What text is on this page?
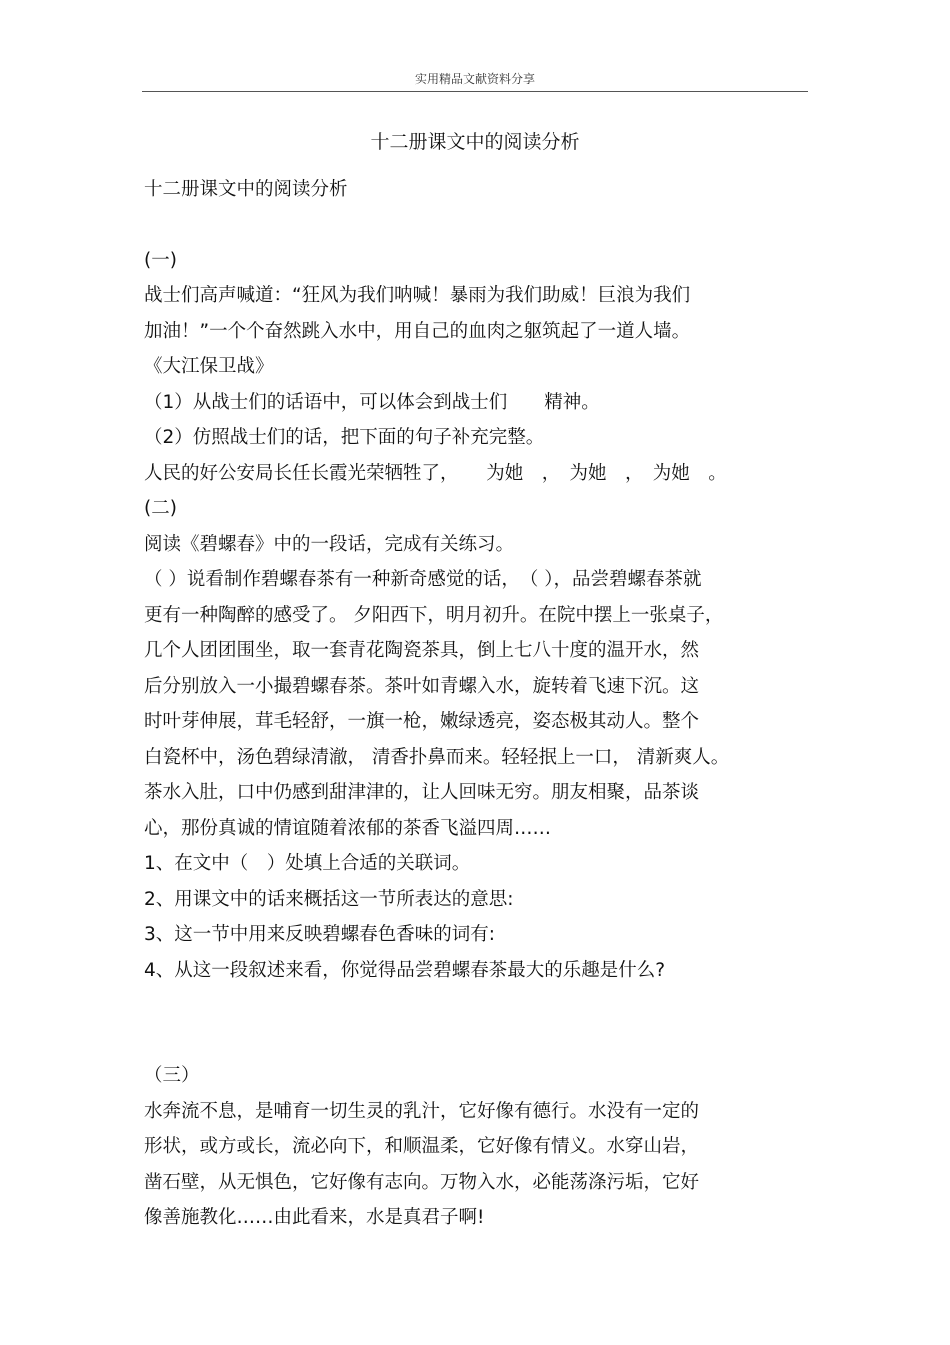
实用精品文献资料分享
十二册课文中的阅读分析
十二册课文中的阅读分析
(一)
战士们高声喊道：“狂风为我们呐喊！暴雨为我们助威！巨浪为我们
加油！”一个个奋然跳入水中，用自己的血肉之躯筑起了一道人墙。
《大江保卫战》
（1）从战士们的话语中，可以体会到战士们　　精神。
（2）仿照战士们的话，把下面的句子补充完整。
人民的好公安局长任长霞光荣牺牲了，　　为她　，　为她　，　为她　。
(二)
阅读《碧螺春》中的一段话，完成有关练习。
（ ）说看制作碧螺春茶有一种新奇感觉的话，　（ ），品尝碧螺春茶就
更有一种陶醉的感受了。 夕阳西下，明月初升。在院中摆上一张桌子，
几个人团团围坐，取一套青花陶瓷茶具，倒上七八十度的温开水，然
后分别放入一小撮碧螺春茶。茶叶如青螺入水，旋转着飞速下沉。这
时叶芽伸展，茸毛轻舒，一旗一枪，嫩绿透亮，姿态极其动人。整个
白瓷杯中，汤色碧绿清澈， 清香扑鼻而来。轻轻抿上一口， 清新爽人。
茶水入肚，口中仍感到甜津津的，让人回味无穷。朋友相聚，品茶谈
心，那份真诚的情谊随着浓郁的茶香飞溢四周……
1、在文中（　）处填上合适的关联词。
2、用课文中的话来概括这一节所表达的意思:
3、这一节中用来反映碧螺春色香味的词有:
4、从这一段叙述来看，你觉得品尝碧螺春茶最大的乐趣是什么?
（三）
水奔流不息，是哺育一切生灵的乳汁，它好像有德行。水没有一定的
形状，或方或长，流必向下，和顺温柔，它好像有情义。水穿山岩，
凿石壁，从无惧色，它好像有志向。万物入水，必能荡涤污垢，它好
像善施教化……由此看来，水是真君子啊!
